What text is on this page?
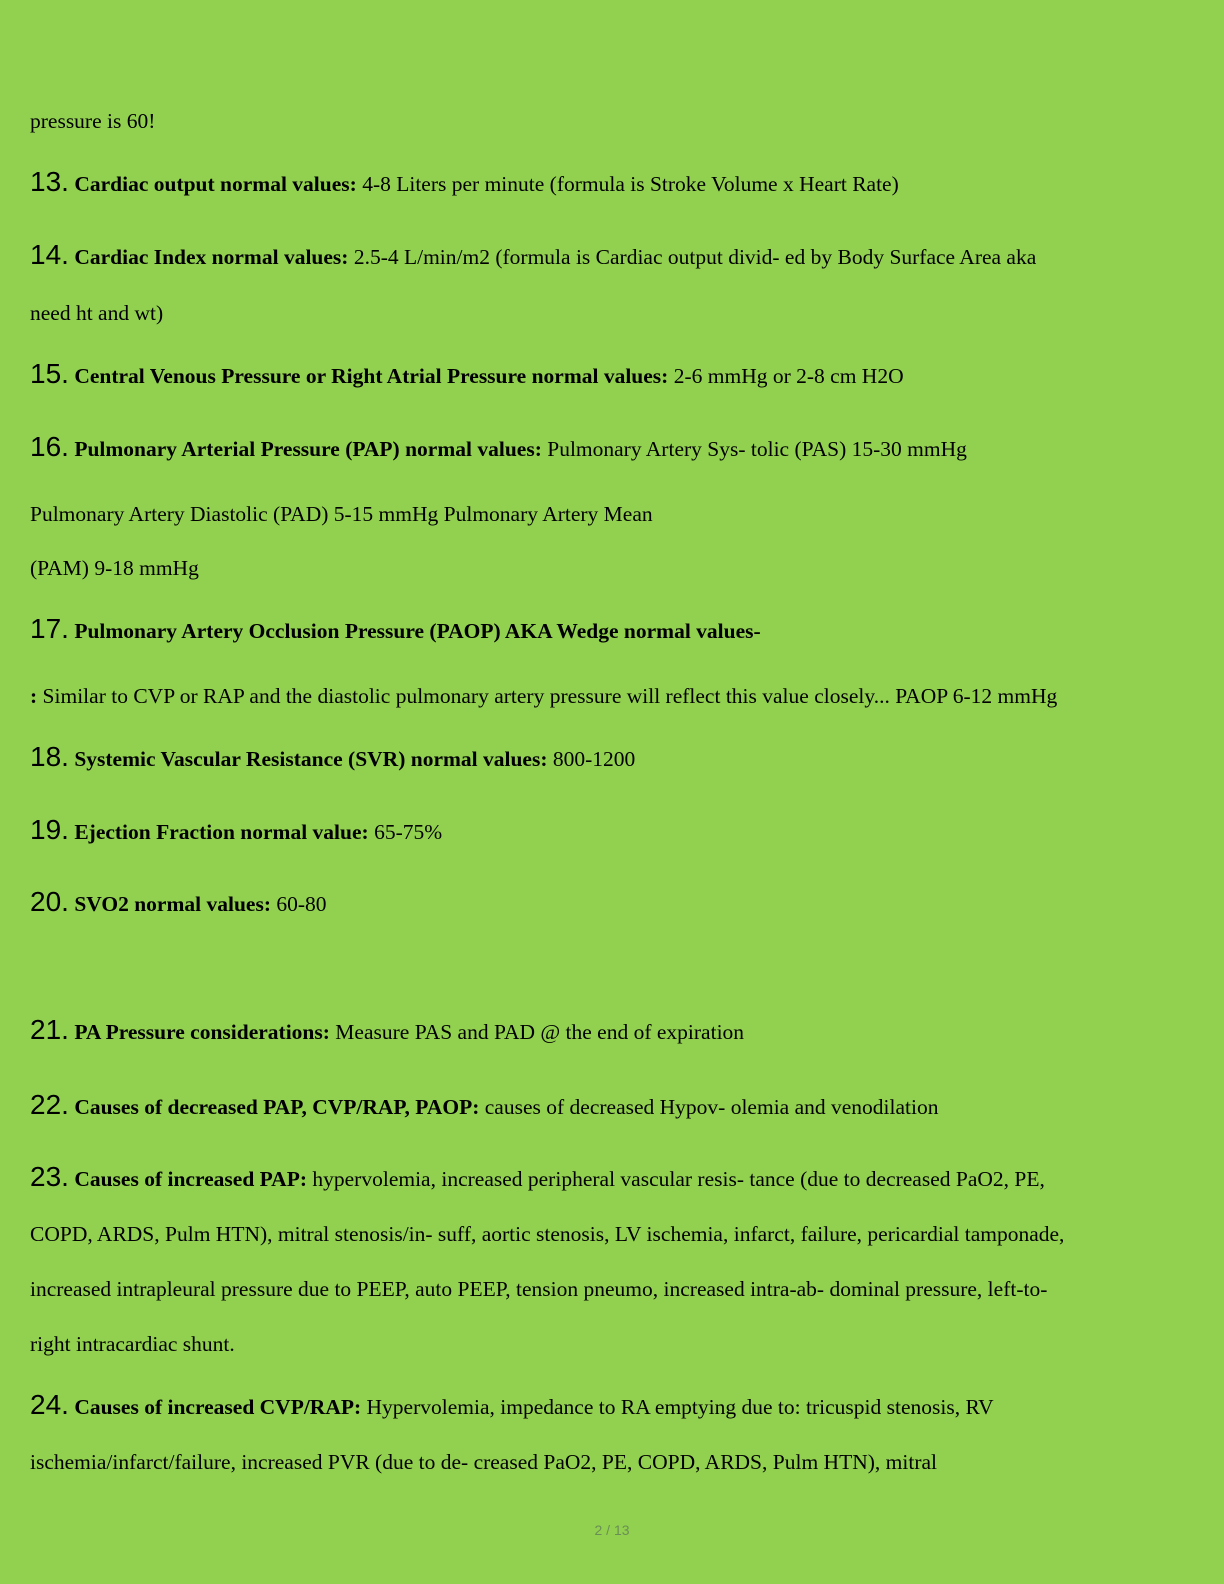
pressure is 60!
13. Cardiac output normal values: 4-8 Liters per minute (formula is Stroke Volume x Heart Rate)
14. Cardiac Index normal values: 2.5-4 L/min/m2 (formula is Cardiac output divid- ed by Body Surface Area aka
need ht and wt)
15. Central Venous Pressure or Right Atrial Pressure normal values: 2-6 mmHg or 2-8 cm H2O
16. Pulmonary Arterial Pressure (PAP) normal values: Pulmonary Artery Sys- tolic (PAS) 15-30 mmHg
Pulmonary Artery Diastolic (PAD) 5-15 mmHg Pulmonary Artery Mean
(PAM) 9-18 mmHg
17. Pulmonary Artery Occlusion Pressure (PAOP) AKA Wedge normal values-
: Similar to CVP or RAP and the diastolic pulmonary artery pressure will reflect this value closely... PAOP 6-12 mmHg
18. Systemic Vascular Resistance (SVR) normal values: 800-1200
19. Ejection Fraction normal value: 65-75%
20. SVO2 normal values: 60-80
21. PA Pressure considerations: Measure PAS and PAD @ the end of expiration
22. Causes of decreased PAP, CVP/RAP, PAOP: causes of decreased Hypov- olemia and venodilation
23. Causes of increased PAP: hypervolemia, increased peripheral vascular resis- tance (due to decreased PaO2, PE,
COPD, ARDS, Pulm HTN), mitral stenosis/in- suff, aortic stenosis, LV ischemia, infarct, failure, pericardial tamponade,
increased intrapleural pressure due to PEEP, auto PEEP, tension pneumo, increased intra-ab- dominal pressure, left-to-
right intracardiac shunt.
24. Causes of increased CVP/RAP: Hypervolemia, impedance to RA emptying due to: tricuspid stenosis, RV
ischemia/infarct/failure, increased PVR (due to de- creased PaO2, PE, COPD, ARDS, Pulm HTN), mitral
2 / 13
